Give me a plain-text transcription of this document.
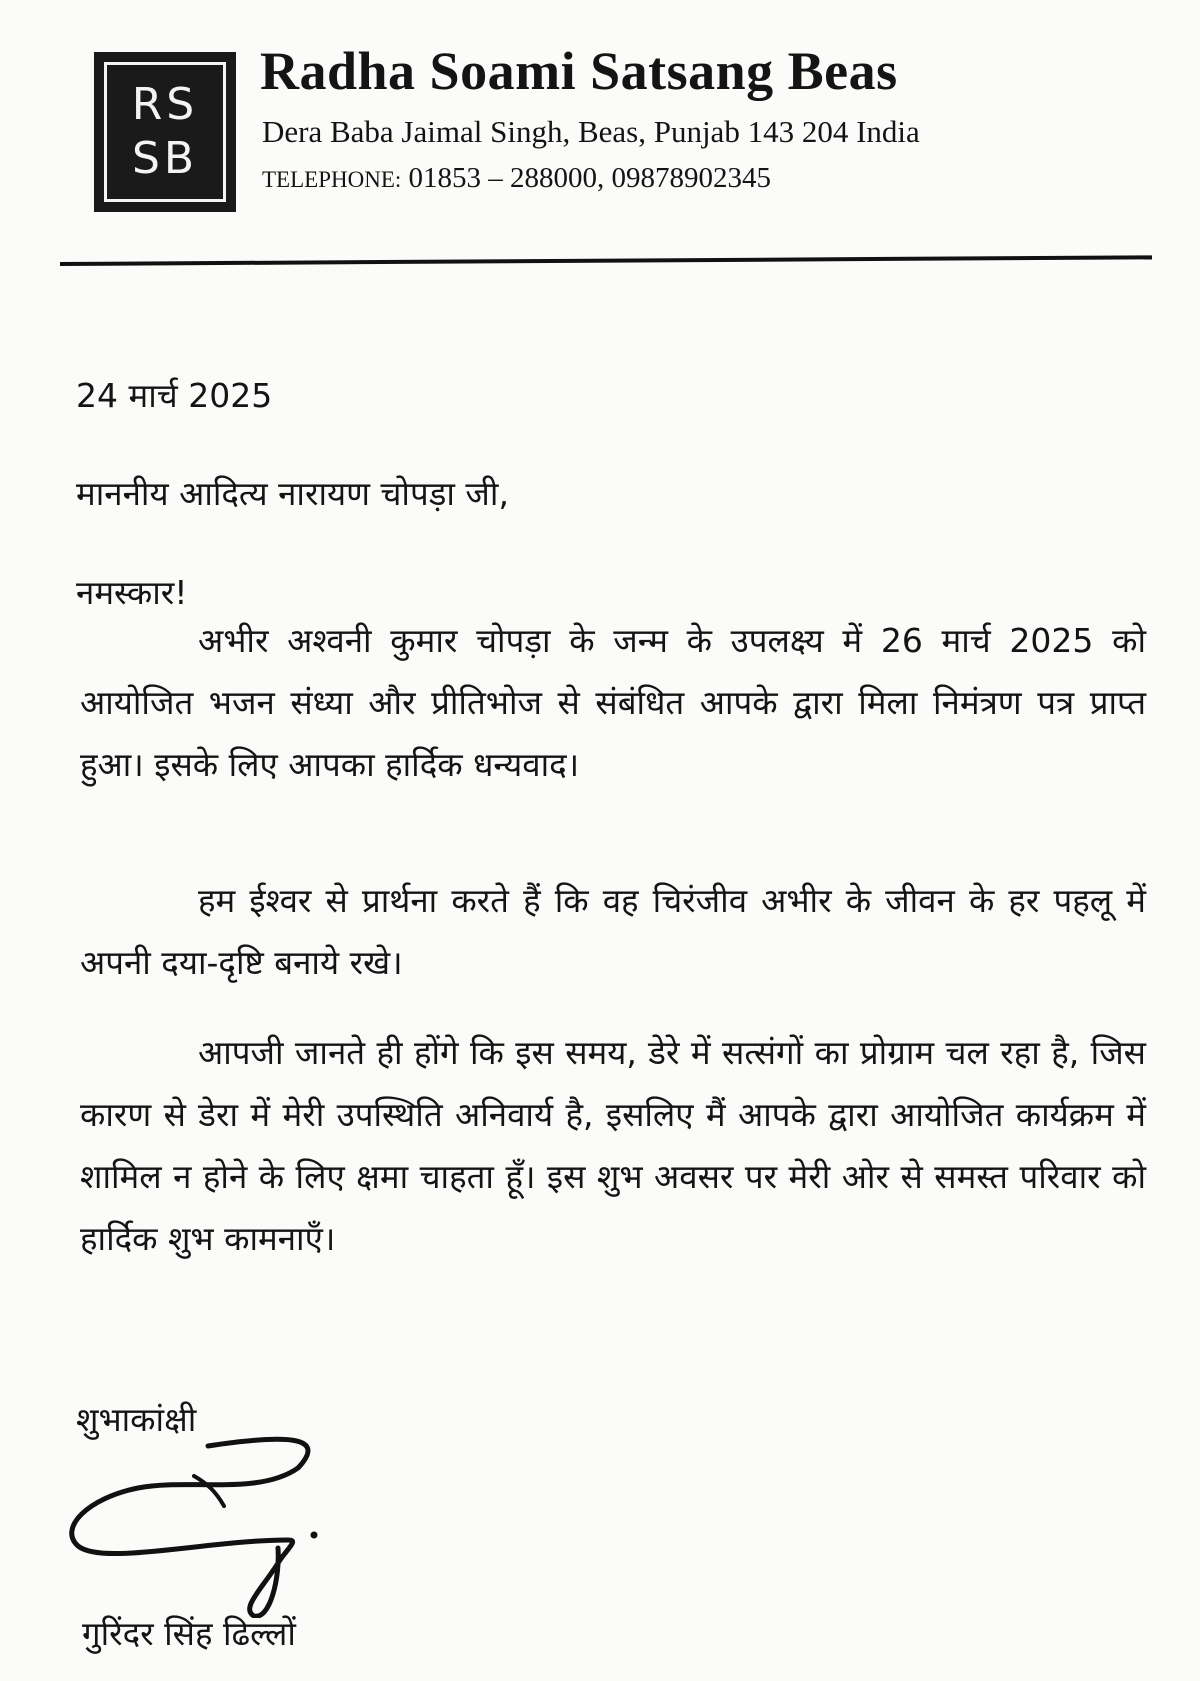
RS
SB
Radha Soami Satsang Beas
Dera Baba Jaimal Singh, Beas, Punjab 143 204 India
TELEPHONE: 01853 – 288000, 09878902345
24 मार्च 2025
माननीय आदित्य नारायण चोपड़ा जी,
नमस्कार!
अभीर अश्वनी कुमार चोपड़ा के जन्म के उपलक्ष्य में 26 मार्च 2025 को आयोजित भजन संध्या और प्रीतिभोज से संबंधित आपके द्वारा मिला निमंत्रण पत्र प्राप्त हुआ। इसके लिए आपका हार्दिक धन्यवाद।
हम ईश्वर से प्रार्थना करते हैं कि वह चिरंजीव अभीर के जीवन के हर पहलू में अपनी दया-दृष्टि बनाये रखे।
आपजी जानते ही होंगे कि इस समय, डेरे में सत्संगों का प्रोग्राम चल रहा है, जिस कारण से डेरा में मेरी उपस्थिति अनिवार्य है, इसलिए मैं आपके द्वारा आयोजित कार्यक्रम में शामिल न होने के लिए क्षमा चाहता हूँ। इस शुभ अवसर पर मेरी ओर से समस्त परिवार को हार्दिक शुभ कामनाएँ।
शुभाकांक्षी
गुरिंदर सिंह ढिल्लों
